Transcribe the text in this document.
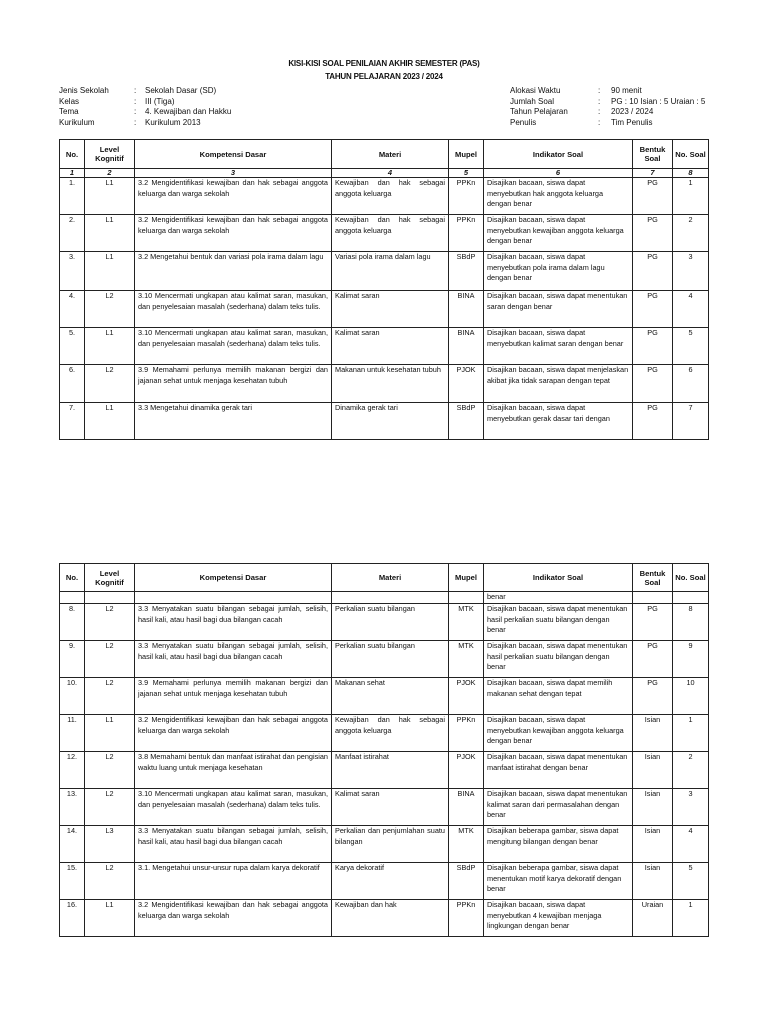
KISI-KISI SOAL PENILAIAN AKHIR SEMESTER (PAS)
TAHUN PELAJARAN 2023 / 2024
Jenis Sekolah	:	Sekolah Dasar (SD)
Kelas	:	III (Tiga)
Tema	:	4. Kewajiban dan Hakku
Kurikulum	:	Kurikulum 2013
Alokasi Waktu	:	90 menit
Jumlah Soal	:	PG : 10 Isian : 5 Uraian : 5
Tahun Pelajaran	:	2023 / 2024
Penulis	:	Tim Penulis
No.	Level Kognitif	Kompetensi Dasar	Materi	Mupel	Indikator Soal	Bentuk Soal	No. Soal
1	2	3	4	5	6	7	8
1.	L1	3.2 Mengidentifikasi kewajiban dan hak sebagai anggota keluarga dan warga sekolah	Kewajiban dan hak sebagai anggota keluarga	PPKn	Disajikan bacaan, siswa dapat menyebutkan hak anggota keluarga dengan benar	PG	1
2.	L1	3.2 Mengidentifikasi kewajiban dan hak sebagai anggota keluarga dan warga sekolah	Kewajiban dan hak sebagai anggota keluarga	PPKn	Disajikan bacaan, siswa dapat menyebutkan kewajiban anggota keluarga dengan benar	PG	2
3.	L1	3.2 Mengetahui bentuk dan variasi pola irama dalam lagu	Variasi pola irama dalam lagu	SBdP	Disajikan bacaan, siswa dapat menyebutkan pola irama dalam lagu dengan benar	PG	3
4.	L2	3.10 Mencermati ungkapan atau kalimat saran, masukan, dan penyelesaian masalah (sederhana) dalam teks tulis.	Kalimat saran	BINA	Disajikan bacaan, siswa dapat menentukan saran dengan benar	PG	4
5.	L1	3.10 Mencermati ungkapan atau kalimat saran, masukan, dan penyelesaian masalah (sederhana) dalam teks tulis.	Kalimat saran	BINA	Disajikan bacaan, siswa dapat menyebutkan kalimat saran dengan benar	PG	5
6.	L2	3.9 Memahami perlunya memilih makanan bergizi dan jajanan sehat untuk menjaga kesehatan tubuh	Makanan untuk kesehatan tubuh	PJOK	Disajikan bacaan, siswa dapat menjelaskan akibat jika tidak sarapan dengan tepat	PG	6
7.	L1	3.3 Mengetahui dinamika gerak tari	Dinamika gerak tari	SBdP	Disajikan bacaan, siswa dapat menyebutkan gerak dasar tari dengan	PG	7
No.	Level Kognitif	Kompetensi Dasar	Materi	Mupel	Indikator Soal	Bentuk Soal	No. Soal
					benar		
8.	L2	3.3 Menyatakan suatu bilangan sebagai jumlah, selisih, hasil kali, atau hasil bagi dua bilangan cacah	Perkalian suatu bilangan	MTK	Disajikan bacaan, siswa dapat menentukan hasil perkalian suatu bilangan dengan benar	PG	8
9.	L2	3.3 Menyatakan suatu bilangan sebagai jumlah, selisih, hasil kali, atau hasil bagi dua bilangan cacah	Perkalian suatu bilangan	MTK	Disajikan bacaan, siswa dapat menentukan hasil perkalian suatu bilangan dengan benar	PG	9
10.	L2	3.9 Memahami perlunya memilih makanan bergizi dan jajanan sehat untuk menjaga kesehatan tubuh	Makanan sehat	PJOK	Disajikan bacaan, siswa dapat memilih makanan sehat dengan tepat	PG	10
11.	L1	3.2 Mengidentifikasi kewajiban dan hak sebagai anggota keluarga dan warga sekolah	Kewajiban dan hak sebagai anggota keluarga	PPKn	Disajikan bacaan, siswa dapat menyebutkan kewajiban anggota keluarga dengan benar	Isian	1
12.	L2	3.8 Memahami bentuk dan manfaat istirahat dan pengisian waktu luang untuk menjaga kesehatan	Manfaat istirahat	PJOK	Disajikan bacaan, siswa dapat menentukan manfaat istirahat dengan benar	Isian	2
13.	L2	3.10 Mencermati ungkapan atau kalimat saran, masukan, dan penyelesaian masalah (sederhana) dalam teks tulis.	Kalimat saran	BINA	Disajikan bacaan, siswa dapat menentukan kalimat saran dari permasalahan dengan benar	Isian	3
14.	L3	3.3 Menyatakan suatu bilangan sebagai jumlah, selisih, hasil kali, atau hasil bagi dua bilangan cacah	Perkalian dan penjumlahan suatu bilangan	MTK	Disajikan beberapa gambar, siswa dapat mengitung bilangan dengan benar	Isian	4
15.	L2	3.1. Mengetahui unsur-unsur rupa dalam karya dekoratif	Karya dekoratif	SBdP	Disajikan beberapa gambar, siswa dapat menentukan motif karya dekoratif dengan benar	Isian	5
16.	L1	3.2 Mengidentifikasi kewajiban dan hak sebagai anggota keluarga dan warga sekolah	Kewajiban dan hak	PPKn	Disajikan bacaan, siswa dapat menyebutkan 4 kewajiban menjaga lingkungan dengan benar	Uraian	1
